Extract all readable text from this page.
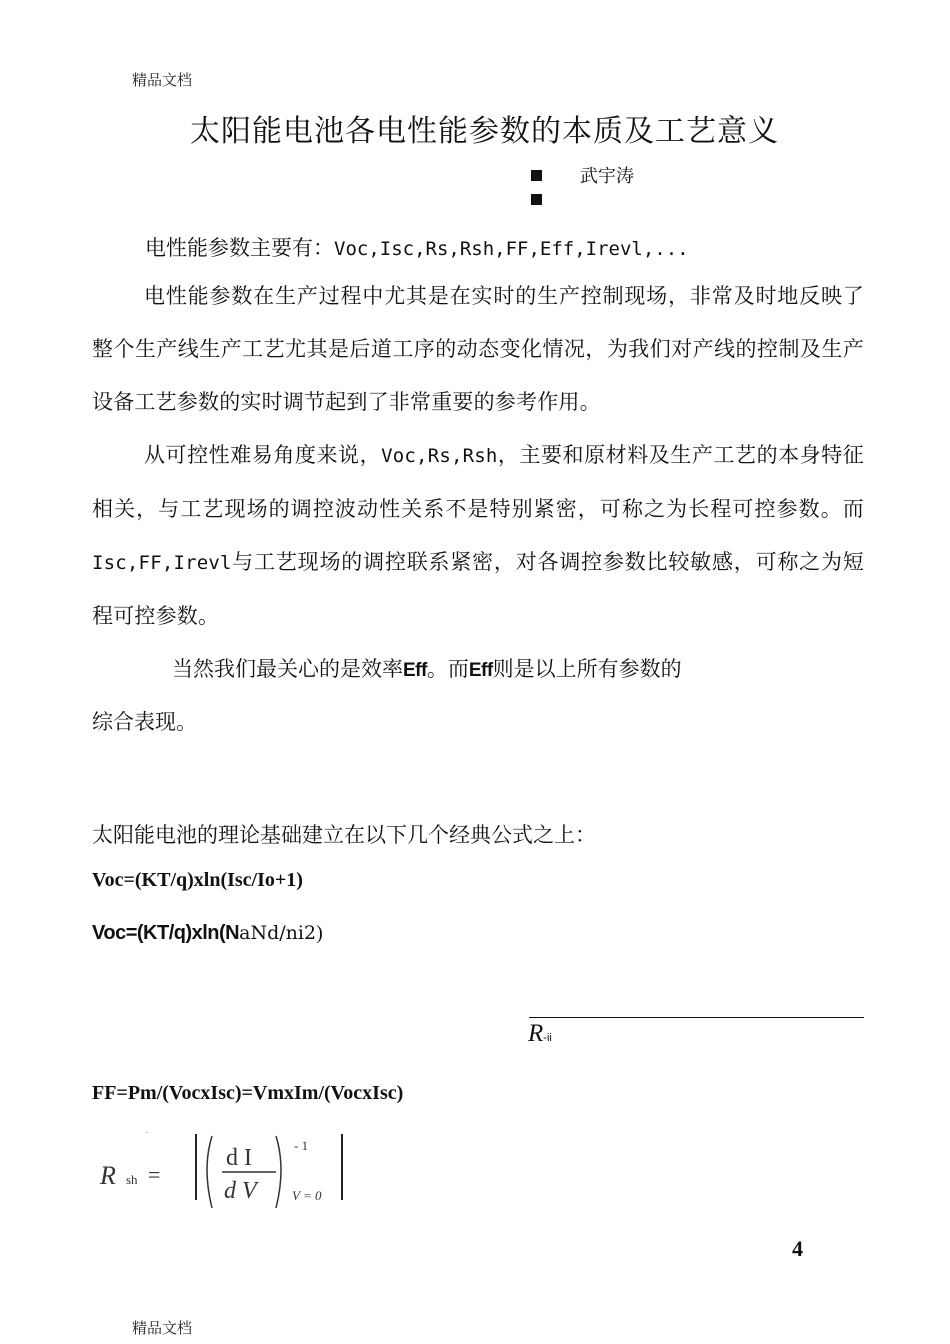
精品文档
太阳能电池各电性能参数的本质及工艺意义
武宇涛
电性能参数主要有：Voc,Isc,Rs,Rsh,FF,Eff,Irevl,...

电性能参数在生产过程中尤其是在实时的生产控制现场，非常及时地反映了整个生产线生产工艺尤其是后道工序的动态变化情况，为我们对产线的控制及生产设备工艺参数的实时调节起到了非常重要的参考作用。

从可控性难易角度来说，Voc,Rs,Rsh，主要和原材料及生产工艺的本身特征相关，与工艺现场的调控波动性关系不是特别紧密，可称之为长程可控参数。而Isc,FF,Irevl与工艺现场的调控联系紧密，对各调控参数比较敏感，可称之为短程可控参数。

当然我们最关心的是效率Eff。而Eff则是以上所有参数的
综合表现。
太阳能电池的理论基础建立在以下几个经典公式之上：
Voc=(KT/q)xln(Isc/Io+1)
Voc=(KT/q)xln(NaNd/ni2)
R-ii
FF=Pm/(VocxIsc)=VmxIm/(VocxIsc)
.
R sh =
d I
d V
- 1
V = 0
4
精品文档
